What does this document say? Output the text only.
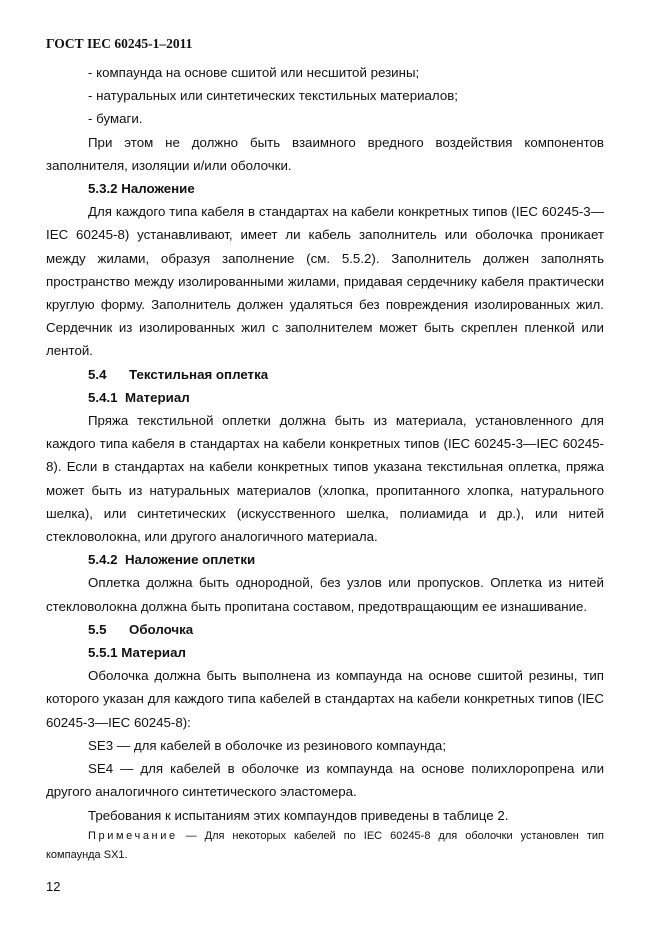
ГОСТ IEC 60245-1–2011

- компаунда на основе сшитой или несшитой резины;

- натуральных или синтетических текстильных материалов;

- бумаги.

При этом не должно быть взаимного вредного воздействия компонентов заполнителя, изоляции и/или оболочки.

5.3.2 Наложение

Для каждого типа кабеля в стандартах на кабели конкретных типов (IEC 60245-3—IEC 60245-8) устанавливают, имеет ли кабель заполнитель или оболочка проникает между жилами, образуя заполнение (см. 5.5.2). Заполнитель должен заполнять пространство между изолированными жилами, придавая сердечнику кабеля практически круглую форму. Заполнитель должен удаляться без повреждения изолированных жил. Сердечник из изолированных жил с заполнителем может быть скреплен пленкой или лентой.

5.4 Текстильная оплетка

5.4.1 Материал

Пряжа текстильной оплетки должна быть из материала, установленного для каждого типа кабеля в стандартах на кабели конкретных типов (IEC 60245-3—IEC 60245-8). Если в стандартах на кабели конкретных типов указана текстильная оплетка, пряжа может быть из натуральных материалов (хлопка, пропитанного хлопка, натурального шелка), или синтетических (искусственного шелка, полиамида и др.), или нитей стекловолокна, или другого аналогичного материала.

5.4.2 Наложение оплетки

Оплетка должна быть однородной, без узлов или пропусков. Оплетка из нитей стекловолокна должна быть пропитана составом, предотвращающим ее изнашивание.

5.5 Оболочка

5.5.1 Материал

Оболочка должна быть выполнена из компаунда на основе сшитой резины, тип которого указан для каждого типа кабелей в стандартах на кабели конкретных типов (IEC 60245-3—IEC 60245-8):

SE3 — для кабелей в оболочке из резинового компаунда;

SE4 — для кабелей в оболочке из компаунда на основе полихлоропрена или другого аналогичного синтетического эластомера.

Требования к испытаниям этих компаундов приведены в таблице 2.

Примечание — Для некоторых кабелей по IEC 60245-8 для оболочки установлен тип компаунда SX1.

12
